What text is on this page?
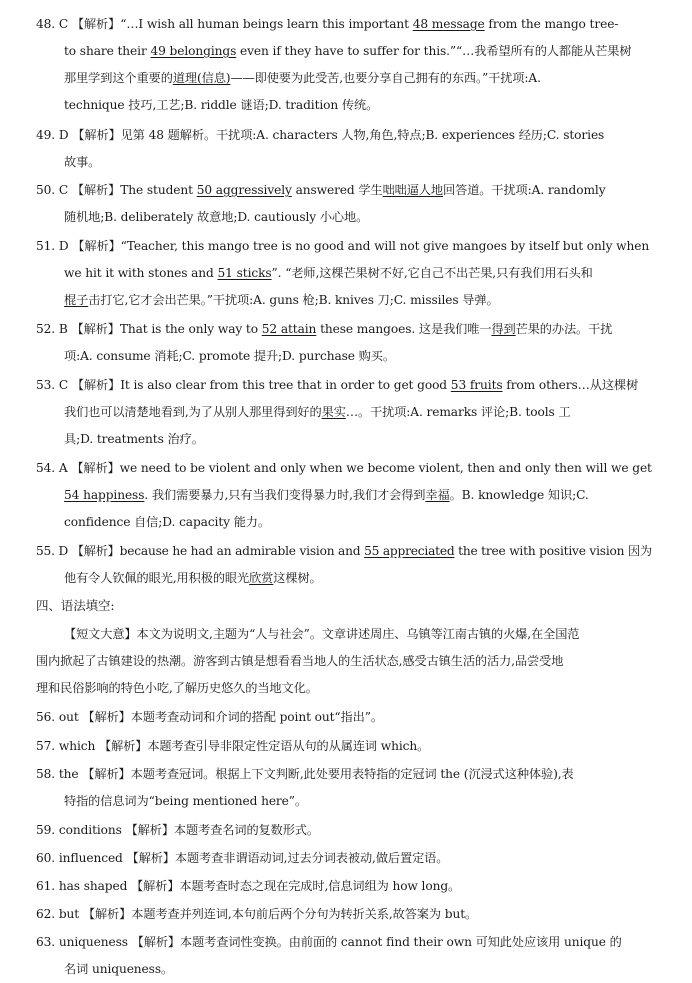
48. C 【解析】“…I wish all human beings learn this important 48 message from the mango tree-
to share their 49 belongings even if they have to suffer for this.”“…我希望所有的人都能从芒果树
那里学到这个重要的道理(信息)——即使要为此受苦,也要分享自己拥有的东西。”干扰项:A.
technique 技巧,工艺;B. riddle 谜语;D. tradition 传统。
49. D 【解析】见第 48 题解析。干扰项:A. characters 人物,角色,特点;B. experiences 经历;C. stories
故事。
50. C 【解析】The student 50 aggressively answered 学生咄咄逼人地回答道。干扰项:A. randomly
随机地;B. deliberately 故意地;D. cautiously 小心地。
51. D 【解析】“Teacher, this mango tree is no good and will not give mangoes by itself but only when
we hit it with stones and 51 sticks”. “老师,这棵芒果树不好,它自己不出芒果,只有我们用石头和
棍子击打它,它才会出芒果。”干扰项:A. guns 枪;B. knives 刀;C. missiles 导弹。
52. B 【解析】That is the only way to 52 attain these mangoes. 这是我们唯一得到芒果的办法。干扰
项:A. consume 消耗;C. promote 提升;D. purchase 购买。
53. C 【解析】It is also clear from this tree that in order to get good 53 fruits from others…从这棵树
我们也可以清楚地看到,为了从别人那里得到好的果实…。干扰项:A. remarks 评论;B. tools 工
具;D. treatments 治疗。
54. A 【解析】we need to be violent and only when we become violent, then and only then will we get
54 happiness. 我们需要暴力,只有当我们变得暴力时,我们才会得到幸福。B. knowledge 知识;C.
confidence 自信;D. capacity 能力。
55. D 【解析】because he had an admirable vision and 55 appreciated the tree with positive vision 因为
他有令人钦佩的眼光,用积极的眼光欣赏这棵树。
四、语法填空:
【短文大意】本文为说明文,主题为“人与社会”。文章讲述周庄、乌镇等江南古镇的火爆,在全国范
围内掀起了古镇建设的热潮。游客到古镇是想看看当地人的生活状态,感受古镇生活的活力,品尝受地
理和民俗影响的特色小吃,了解历史悠久的当地文化。
56. out 【解析】本题考查动词和介词的搭配 point out“指出”。
57. which 【解析】本题考查引导非限定性定语从句的从属连词 which。
58. the 【解析】本题考查冠词。根据上下文判断,此处要用表特指的定冠词 the (沉浸式这种体验),表
特指的信息词为“being mentioned here”。
59. conditions 【解析】本题考查名词的复数形式。
60. influenced 【解析】本题考查非谓语动词,过去分词表被动,做后置定语。
61. has shaped 【解析】本题考查时态之现在完成时,信息词组为 how long。
62. but 【解析】本题考查并列连词,本句前后两个分句为转折关系,故答案为 but。
63. uniqueness 【解析】本题考查词性变换。由前面的 cannot find their own 可知此处应该用 unique 的
名词 uniqueness。
